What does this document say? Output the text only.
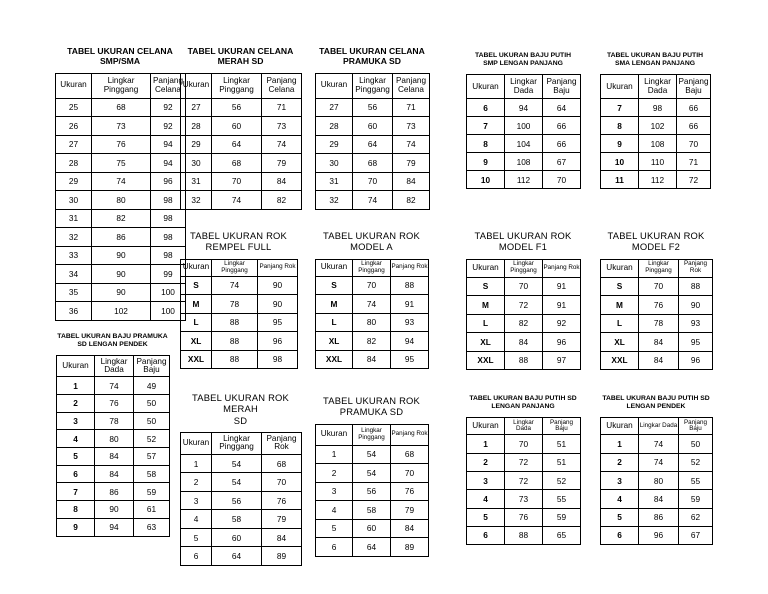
TABEL UKURAN CELANA
SMP/SMA
Ukuran	Lingkar Pinggang	Panjang Celana
25	68	92
26	73	92
27	76	94
28	75	94
29	74	96
30	80	98
31	82	98
32	86	98
33	90	98
34	90	99
35	90	100
36	102	100
TABEL UKURAN CELANA
MERAH SD
Ukuran	Lingkar Pinggang	Panjang Celana
27	56	71
28	60	73
29	64	74
30	68	79
31	70	84
32	74	82
TABEL UKURAN CELANA
PRAMUKA SD
Ukuran	Lingkar Pinggang	Panjang Celana
27	56	71
28	60	73
29	64	74
30	68	79
31	70	84
32	74	82
TABEL UKURAN BAJU PUTIH
SMP LENGAN PANJANG
Ukuran	Lingkar Dada	Panjang Baju
6	94	64
7	100	66
8	104	66
9	108	67
10	112	70
TABEL UKURAN BAJU PUTIH
SMA LENGAN PANJANG
Ukuran	Lingkar Dada	Panjang Baju
7	98	66
8	102	66
9	108	70
10	110	71
11	112	72
TABEL UKURAN BAJU PRAMUKA
SD LENGAN PENDEK
Ukuran	Lingkar Dada	Panjang Baju
1	74	49
2	76	50
3	78	50
4	80	52
5	84	57
6	84	58
7	86	59
8	90	61
9	94	63
TABEL UKURAN ROK
REMPEL FULL
Ukuran	Lingkar Pinggang	Panjang Rok
S	74	90
M	78	90
L	88	95
XL	88	96
XXL	88	98
TABEL UKURAN ROK
MODEL A
Ukuran	Lingkar Pinggang	Panjang Rok
S	70	88
M	74	91
L	80	93
XL	82	94
XXL	84	95
TABEL UKURAN ROK
MODEL F1
Ukuran	Lingkar Pinggang	Panjang Rok
S	70	91
M	72	91
L	82	92
XL	84	96
XXL	88	97
TABEL UKURAN ROK
MODEL F2
Ukuran	Lingkar Pinggang	Panjang Rok
S	70	88
M	76	90
L	78	93
XL	84	95
XXL	84	96
TABEL UKURAN ROK MERAH
SD
Ukuran	Lingkar Pinggang	Panjang Rok
1	54	68
2	54	70
3	56	76
4	58	79
5	60	84
6	64	89
TABEL UKURAN ROK
PRAMUKA SD
Ukuran	Lingkar Pinggang	Panjang Rok
1	54	68
2	54	70
3	56	76
4	58	79
5	60	84
6	64	89
TABEL UKURAN BAJU PUTIH SD
LENGAN PANJANG
Ukuran	Lingkar Dada	Panjang Baju
1	70	51
2	72	51
3	72	52
4	73	55
5	76	59
6	88	65
TABEL UKURAN BAJU PUTIH SD
LENGAN PENDEK
Ukuran	Lingkar Dada	Panjang Baju
1	74	50
2	74	52
3	80	55
4	84	59
5	86	62
6	96	67
